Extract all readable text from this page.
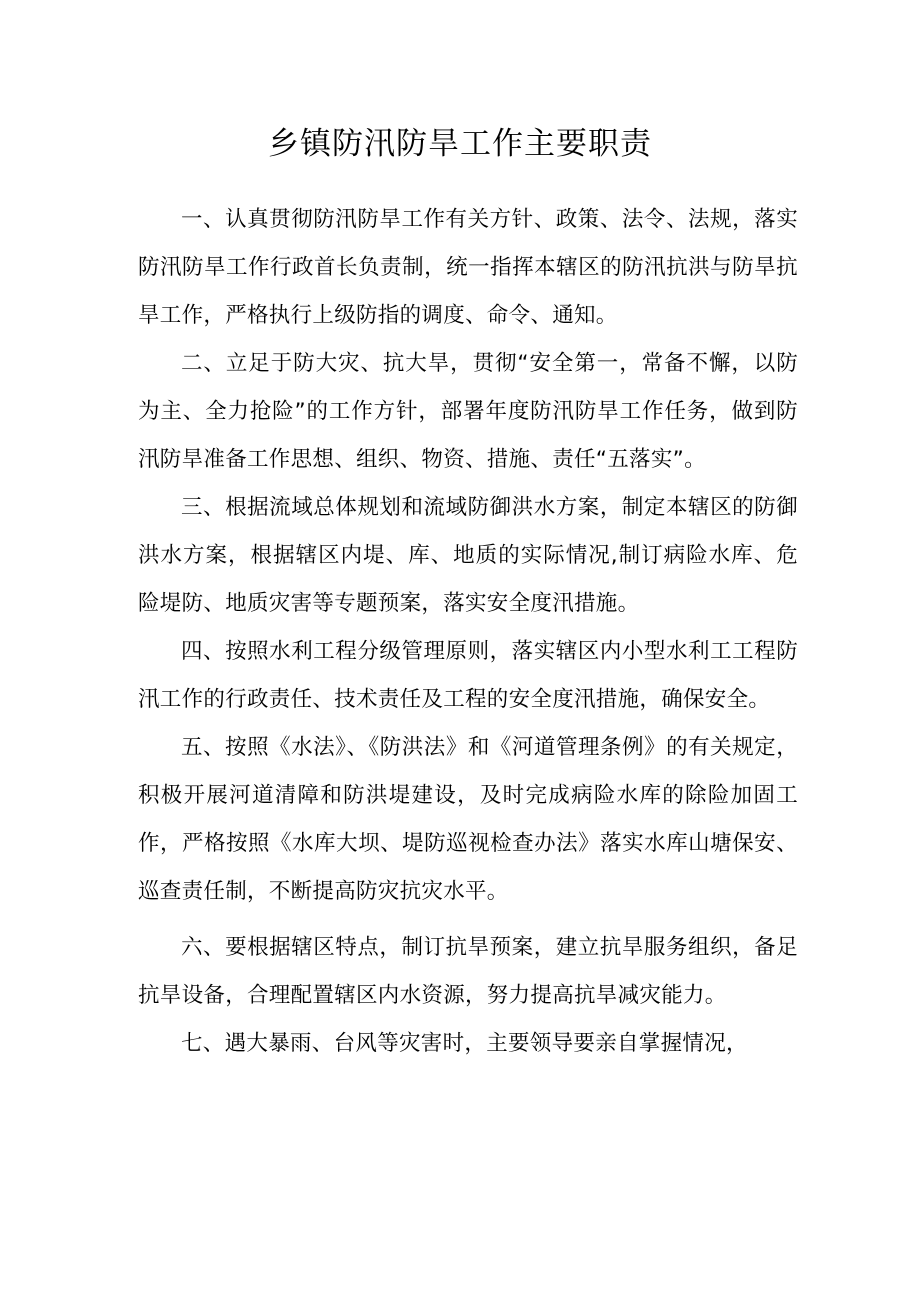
乡镇防汛防旱工作主要职责

一、认真贯彻防汛防旱工作有关方针、政策、法令、法规，落实防汛防旱工作行政首长负责制，统一指挥本辖区的防汛抗洪与防旱抗旱工作，严格执行上级防指的调度、命令、通知。

二、立足于防大灾、抗大旱，贯彻“安全第一，常备不懈，以防为主、全力抢险”的工作方针，部署年度防汛防旱工作任务，做到防汛防旱准备工作思想、组织、物资、措施、责任“五落实”。

三、根据流域总体规划和流域防御洪水方案，制定本辖区的防御洪水方案，根据辖区内堤、库、地质的实际情况,制订病险水库、危险堤防、地质灾害等专题预案，落实安全度汛措施。

四、按照水利工程分级管理原则，落实辖区内小型水利工工程防汛工作的行政责任、技术责任及工程的安全度汛措施，确保安全。

五、按照《水法》、《防洪法》和《河道管理条例》的有关规定，积极开展河道清障和防洪堤建设，及时完成病险水库的除险加固工作，严格按照《水库大坝、堤防巡视检查办法》落实水库山塘保安、巡查责任制，不断提高防灾抗灾水平。

六、要根据辖区特点，制订抗旱预案，建立抗旱服务组织，备足抗旱设备，合理配置辖区内水资源，努力提高抗旱减灾能力。

七、遇大暴雨、台风等灾害时，主要领导要亲自掌握情况，
